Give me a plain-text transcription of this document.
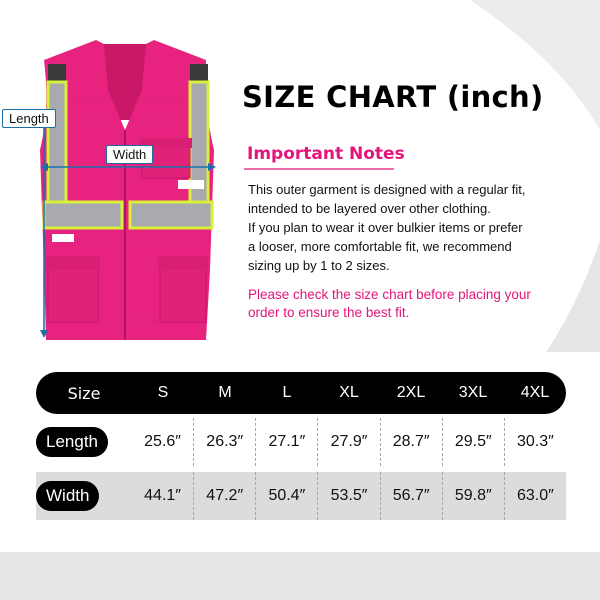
Length
Width
SIZE CHART (inch)
Important Notes
This outer garment is designed with a regular fit,
intended to be layered over other clothing.
If you plan to wear it over bulkier items or prefer
a looser, more comfortable fit, we recommend
sizing up by 1 to 2 sizes.
Please check the size chart before placing your
order to ensure the best fit.
Size	S	M	L	XL	2XL	3XL	4XL
Length	25.6″	26.3″	27.1″	27.9″	28.7″	29.5″	30.3″
Width	44.1″	47.2″	50.4″	53.5″	56.7″	59.8″	63.0″
